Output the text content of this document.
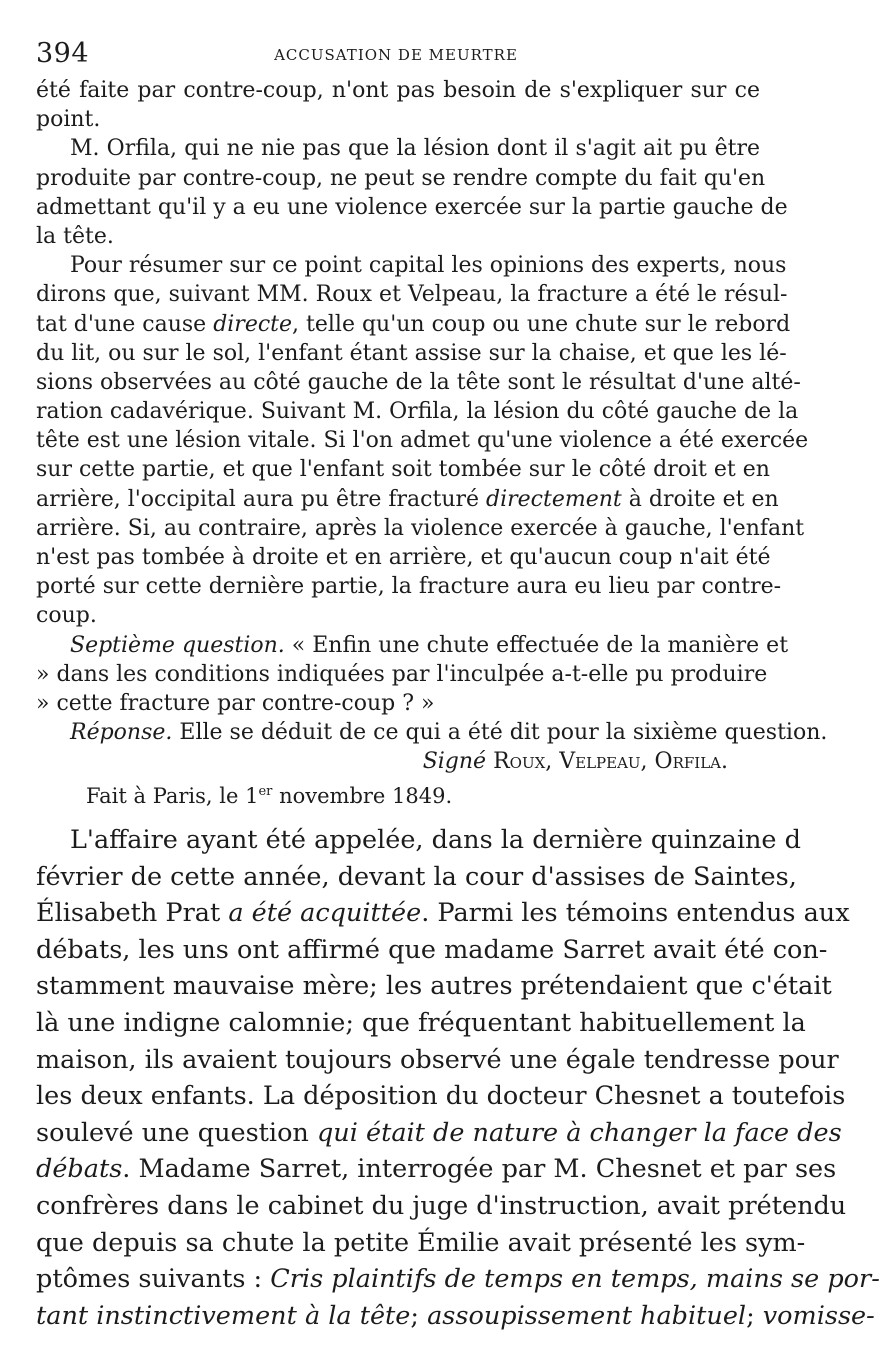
394	ACCUSATION DE MEURTRE
été faite par contre-coup, n'ont pas besoin de s'expliquer sur ce
point.
M. Orfila, qui ne nie pas que la lésion dont il s'agit ait pu être
produite par contre-coup, ne peut se rendre compte du fait qu'en
admettant qu'il y a eu une violence exercée sur la partie gauche de
la tête.
Pour résumer sur ce point capital les opinions des experts, nous
dirons que, suivant MM. Roux et Velpeau, la fracture a été le résul-
tat d'une cause directe, telle qu'un coup ou une chute sur le rebord
du lit, ou sur le sol, l'enfant étant assise sur la chaise, et que les lé-
sions observées au côté gauche de la tête sont le résultat d'une alté-
ration cadavérique. Suivant M. Orfila, la lésion du côté gauche de la
tête est une lésion vitale. Si l'on admet qu'une violence a été exercée
sur cette partie, et que l'enfant soit tombée sur le côté droit et en
arrière, l'occipital aura pu être fracturé directement à droite et en
arrière. Si, au contraire, après la violence exercée à gauche, l'enfant
n'est pas tombée à droite et en arrière, et qu'aucun coup n'ait été
porté sur cette dernière partie, la fracture aura eu lieu par contre-
coup.
Septième question. « Enfin une chute effectuée de la manière et
» dans les conditions indiquées par l'inculpée a-t-elle pu produire
» cette fracture par contre-coup ? »
Réponse. Elle se déduit de ce qui a été dit pour la sixième question.
Signé Roux, Velpeau, Orfila.
Fait à Paris, le 1er novembre 1849.
L'affaire ayant été appelée, dans la dernière quinzaine d
février de cette année, devant la cour d'assises de Saintes,
Élisabeth Prat a été acquittée. Parmi les témoins entendus aux
débats, les uns ont affirmé que madame Sarret avait été con-
stamment mauvaise mère; les autres prétendaient que c'était
là une indigne calomnie; que fréquentant habituellement la
maison, ils avaient toujours observé une égale tendresse pour
les deux enfants. La déposition du docteur Chesnet a toutefois
soulevé une question qui était de nature à changer la face des
débats. Madame Sarret, interrogée par M. Chesnet et par ses
confrères dans le cabinet du juge d'instruction, avait prétendu
que depuis sa chute la petite Émilie avait présenté les sym-
ptômes suivants : Cris plaintifs de temps en temps, mains se por-
tant instinctivement à la tête; assoupissement habituel; vomisse-
